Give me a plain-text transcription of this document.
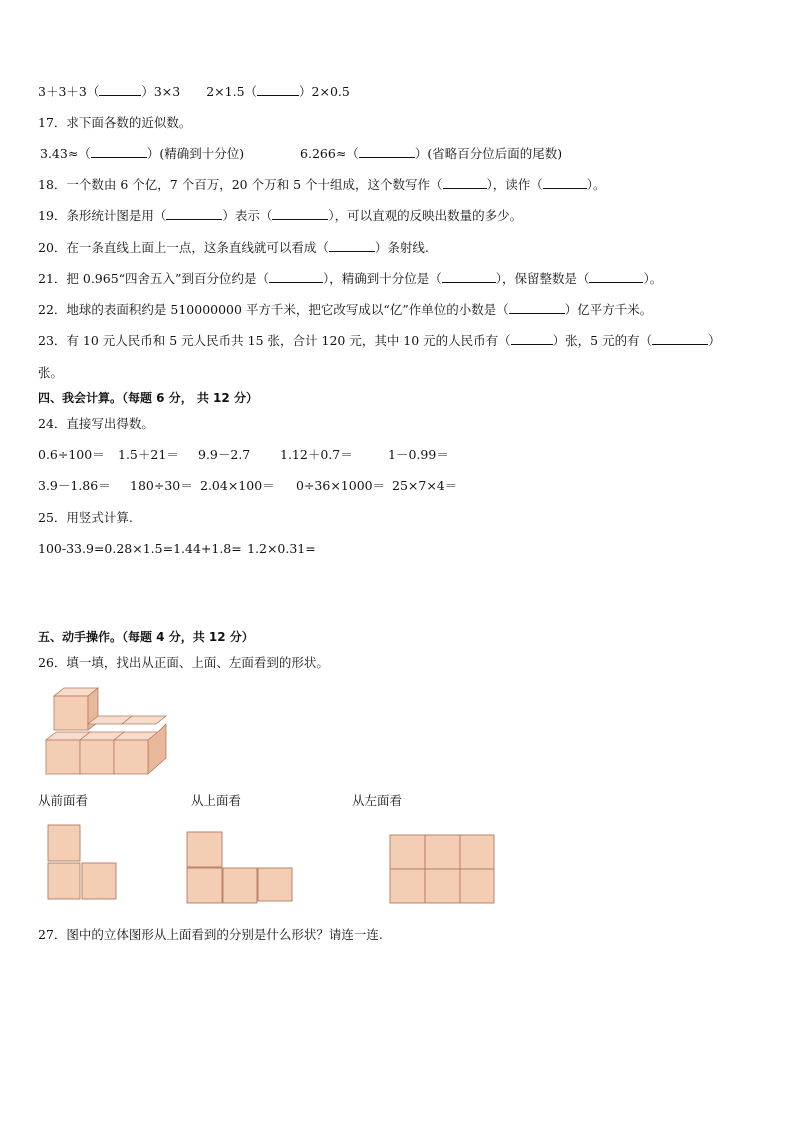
3＋3＋3（	）3×3 2×1.5（	）2×0.5
17．求下面各数的近似数。
3.43≈（	）(精确到十分位)	6.266≈（	）(省略百分位后面的尾数)
18．一个数由 6 个亿，7 个百万，20 个万和 5 个十组成，这个数写作（	），读作（	）。
19．条形统计图是用（	）表示（	），可以直观的反映出数量的多少。
20．在一条直线上面上一点，这条直线就可以看成（	）条射线.
21．把 0.965“四舍五入”到百分位约是（	），精确到十分位是（	），保留整数是（	）。
22．地球的表面积约是 510000000 平方千米，把它改写成以“亿”作单位的小数是（	）亿平方千米。
23．有 10 元人民币和 5 元人民币共 15 张，合计 120 元，其中 10 元的人民币有（	）张，5 元的有（	）
张。
四、我会计算。（每题 6 分， 共 12 分）
24．直接写出得数。
0.6÷100＝ 1.5＋21＝ 9.9－2.7 1.12＋0.7＝	1－0.99＝
3.9－1.86＝ 180÷30＝ 2.04×100＝ 0÷36×1000＝ 25×7×4＝
25．用竖式计算.
100-33.9=0.28×1.5=1.44+1.8= 1.2×0.31=
五、动手操作。（每题 4 分，共 12 分）
26．填一填，找出从正面、上面、左面看到的形状。
从前面看	从上面看	从左面看
27．图中的立体图形从上面看到的分别是什么形状？请连一连.
